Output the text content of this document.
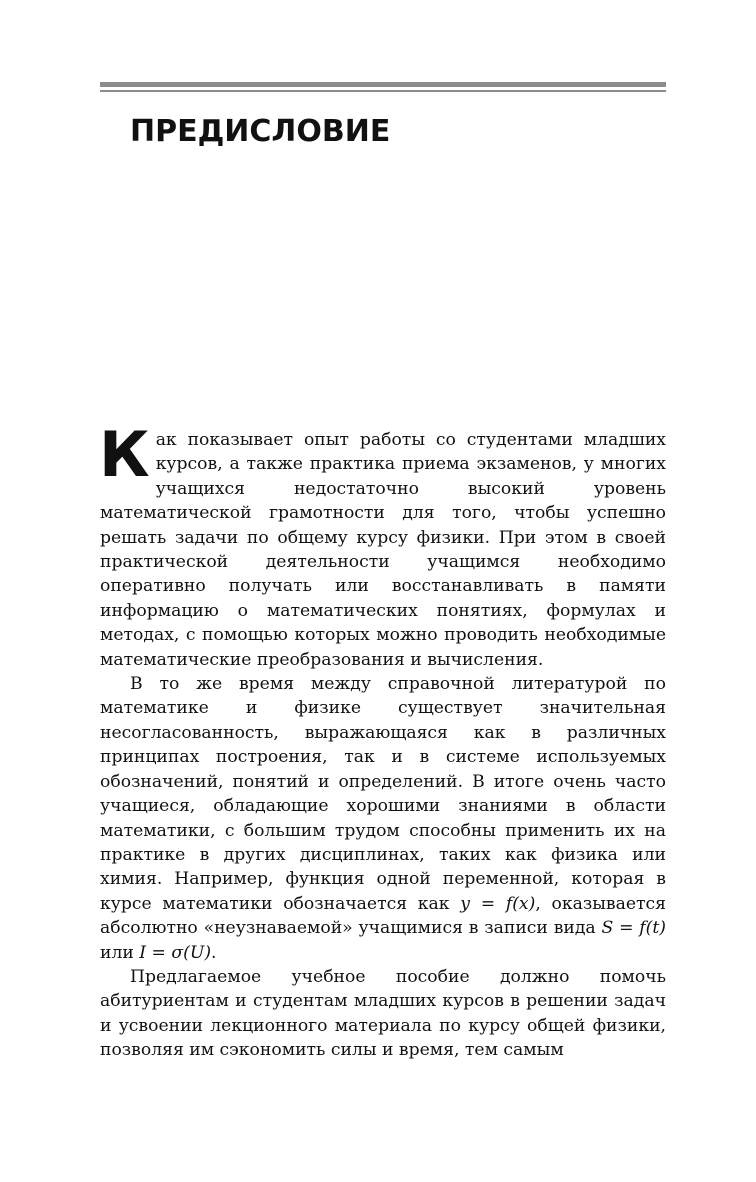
ПРЕДИСЛОВИЕ

Как показывает опыт работы со студентами младших курсов, а также практика приема экзаменов, у многих учащихся недостаточно высокий уровень математической грамотности для того, чтобы успешно решать задачи по общему курсу физики. При этом в своей практической деятельности учащимся необходимо оперативно получать или восстанавливать в памяти информацию о математических понятиях, формулах и методах, с помощью которых можно проводить необходимые математические преобразования и вычисления.

В то же время между справочной литературой по математике и физике существует значительная несогласованность, выражающаяся как в различных принципах построения, так и в системе используемых обозначений, понятий и определений. В итоге очень часто учащиеся, обладающие хорошими знаниями в области математики, с большим трудом способны применить их на практике в других дисциплинах, таких как физика или химия. Например, функция одной переменной, которая в курсе математики обозначается как y = f(x), оказывается абсолютно «неузнаваемой» учащимися в записи вида S = f(t) или I = σ(U).

Предлагаемое учебное пособие должно помочь абитуриентам и студентам младших курсов в решении задач и усвоении лекционного материала по курсу общей физики, позволяя им сэкономить силы и время, тем самым
